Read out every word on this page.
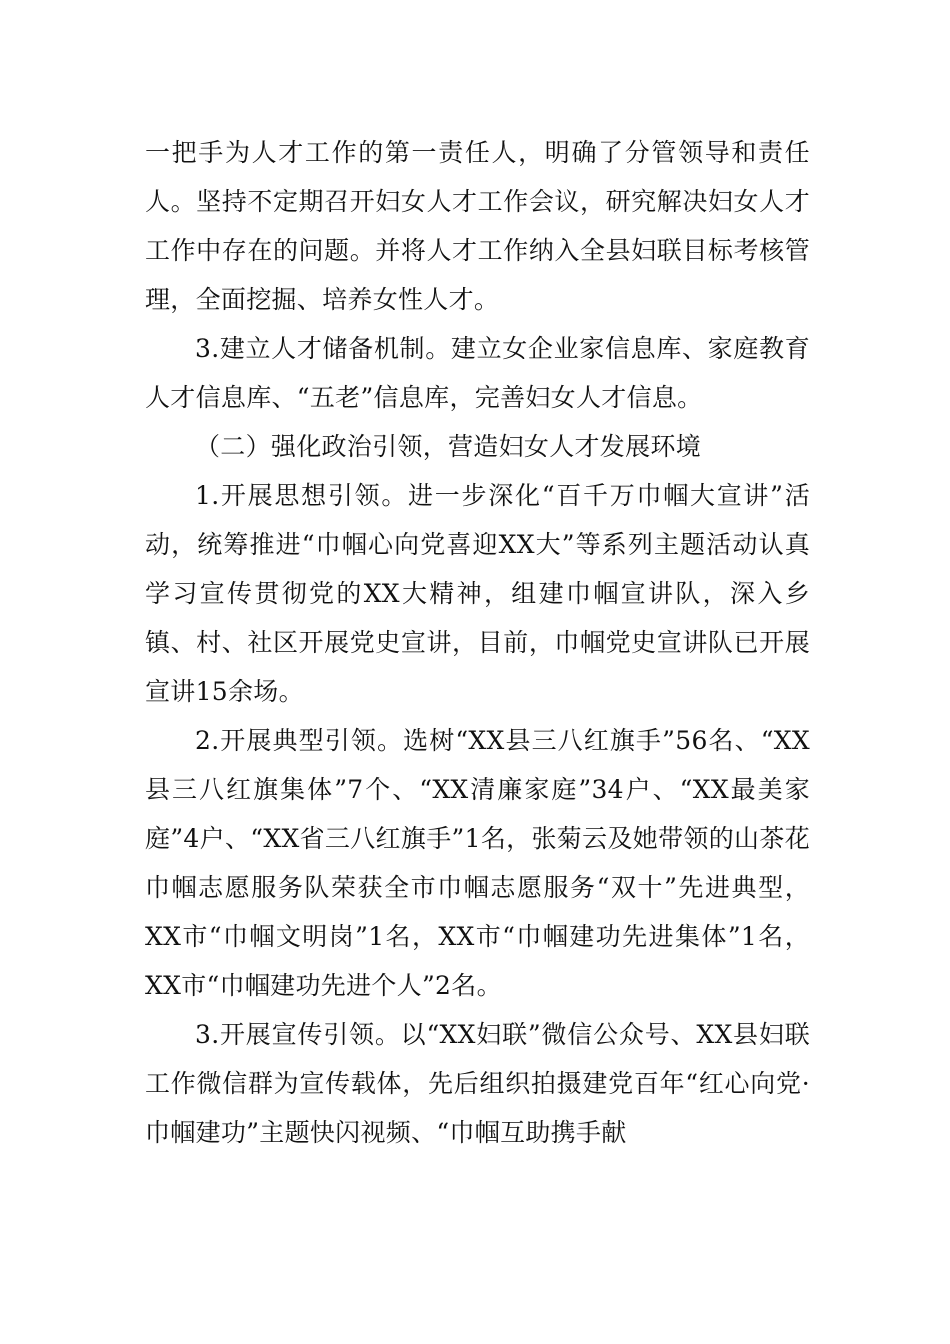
一把手为人才工作的第一责任人，明确了分管领导和责任人。坚持不定期召开妇女人才工作会议，研究解决妇女人才工作中存在的问题。并将人才工作纳入全县妇联目标考核管理，全面挖掘、培养女性人才。

3.建立人才储备机制。建立女企业家信息库、家庭教育人才信息库、“五老”信息库，完善妇女人才信息。

（二）强化政治引领，营造妇女人才发展环境

1.开展思想引领。进一步深化“百千万巾帼大宣讲”活动，统筹推进“巾帼心向党喜迎XX大”等系列主题活动认真学习宣传贯彻党的XX大精神，组建巾帼宣讲队，深入乡镇、村、社区开展党史宣讲，目前，巾帼党史宣讲队已开展宣讲15余场。

2.开展典型引领。选树“XX县三八红旗手”56名、“XX县三八红旗集体”7个、“XX清廉家庭”34户、“XX最美家庭”4户、“XX省三八红旗手”1名，张菊云及她带领的山茶花巾帼志愿服务队荣获全市巾帼志愿服务“双十”先进典型，XX市“巾帼文明岗”1名，XX市“巾帼建功先进集体”1名，XX市“巾帼建功先进个人”2名。

3.开展宣传引领。以“XX妇联”微信公众号、XX县妇联工作微信群为宣传载体，先后组织拍摄建党百年“红心向党·巾帼建功”主题快闪视频、“巾帼互助携手献
